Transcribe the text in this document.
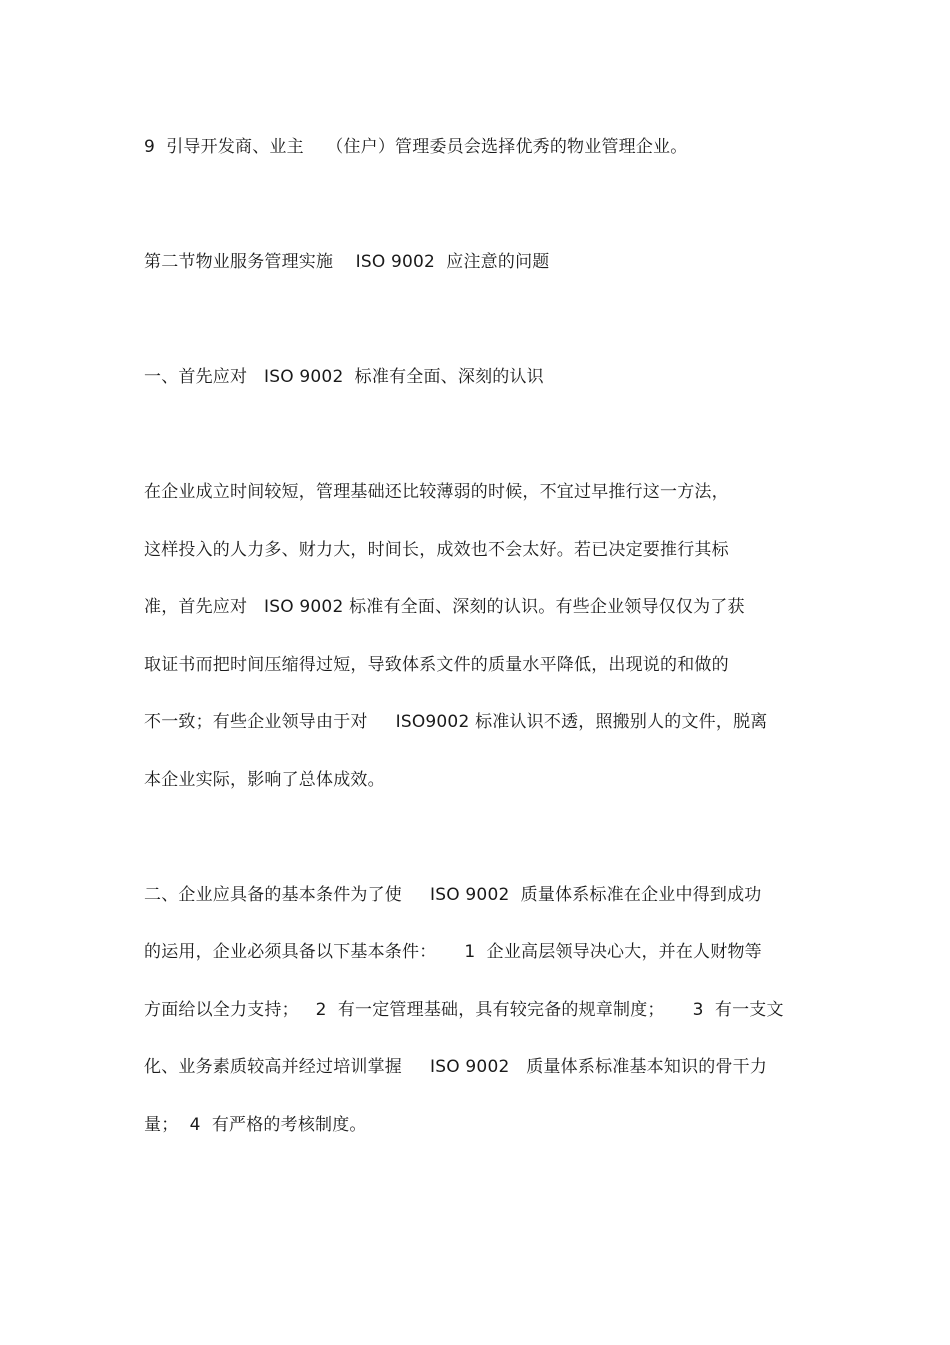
9  引导开发商、业主    （住户）管理委员会选择优秀的物业管理企业。
第二节物业服务管理实施    ISO 9002  应注意的问题
一、首先应对   ISO 9002  标准有全面、深刻的认识
在企业成立时间较短，管理基础还比较薄弱的时候，不宜过早推行这一方法，
这样投入的人力多、财力大，时间长，成效也不会太好。若已决定要推行其标
准，首先应对   ISO 9002 标准有全面、深刻的认识。有些企业领导仅仅为了获
取证书而把时间压缩得过短，导致体系文件的质量水平降低，出现说的和做的
不一致；有些企业领导由于对     ISO9002 标准认识不透，照搬别人的文件，脱离
本企业实际，影响了总体成效。
二、企业应具备的基本条件为了使     ISO 9002  质量体系标准在企业中得到成功
的运用，企业必须具备以下基本条件：     1  企业高层领导决心大，并在人财物等
方面给以全力支持；   2  有一定管理基础，具有较完备的规章制度；     3  有一支文
化、业务素质较高并经过培训掌握     ISO 9002   质量体系标准基本知识的骨干力
量；  4  有严格的考核制度。
